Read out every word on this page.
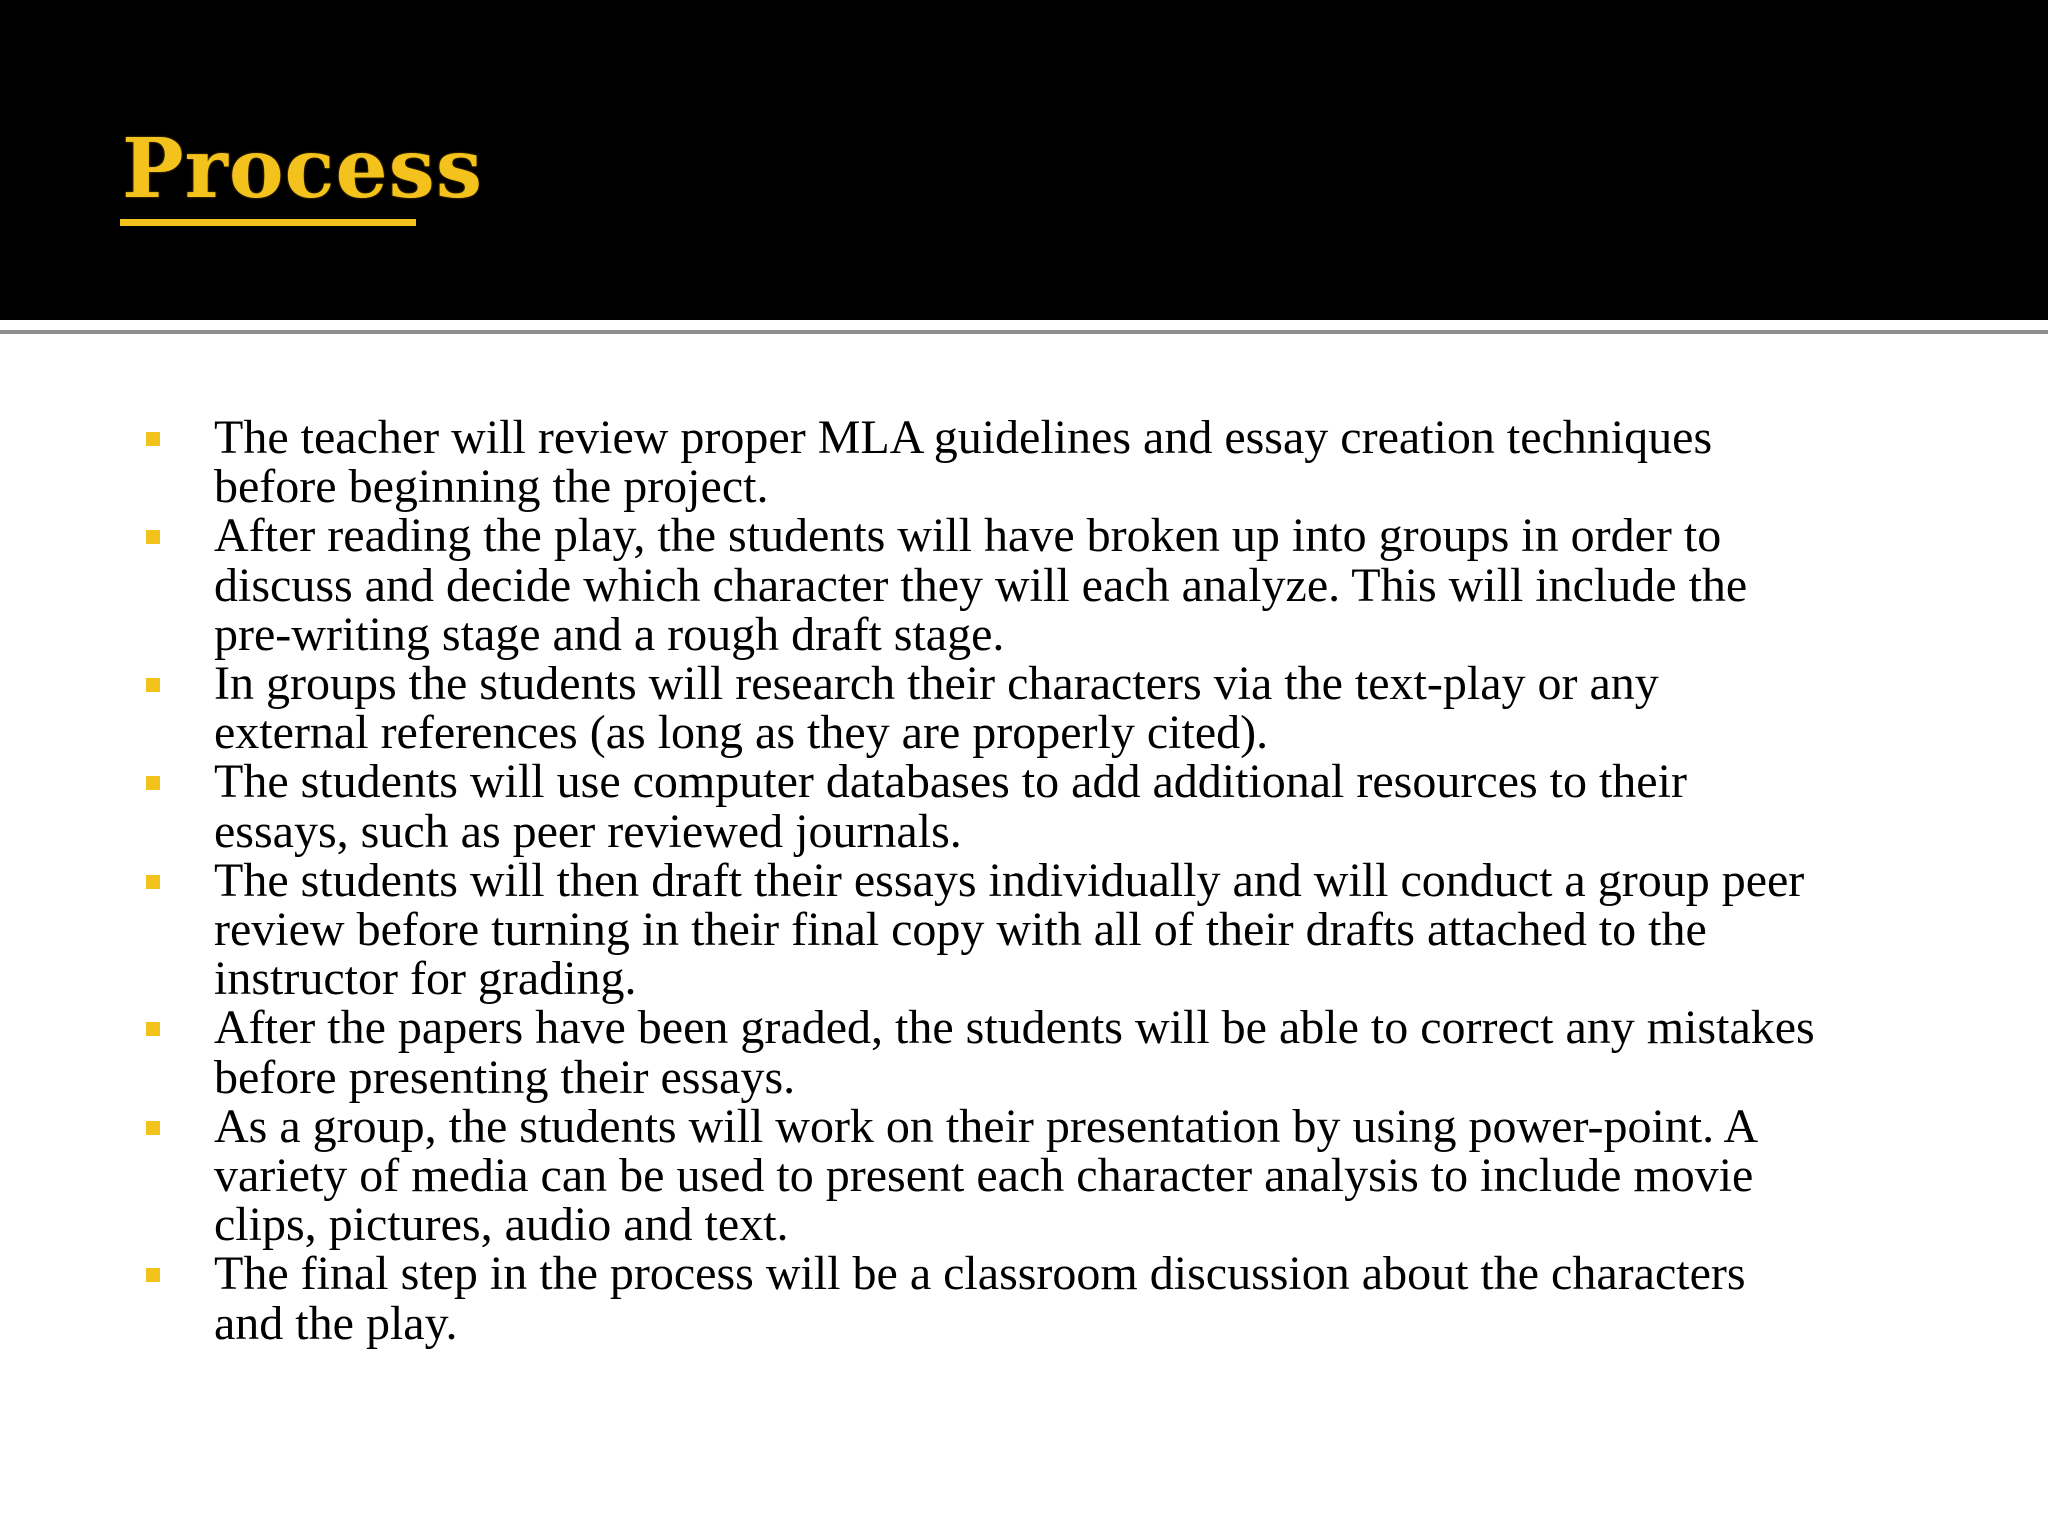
Process
The teacher will review proper MLA guidelines and essay creation techniques
before beginning the project.
After reading the play, the students will have broken up into groups in order to
discuss and decide which character they will each analyze. This will include the
pre-writing stage and a rough draft stage.
In groups the students will research their characters via the text-play or any
external references (as long as they are properly cited).
The students will use computer databases to add additional resources to their
essays, such as peer reviewed journals.
The students will then draft their essays individually and will conduct a group peer
review before turning in their final copy with all of their drafts attached to the
instructor for grading.
After the papers have been graded, the students will be able to correct any mistakes
before presenting their essays.
As a group, the students will work on their presentation by using power-point. A
variety of media can be used to present each character analysis to include movie
clips, pictures, audio and text.
The final step in the process will be a classroom discussion about the characters
and the play.
